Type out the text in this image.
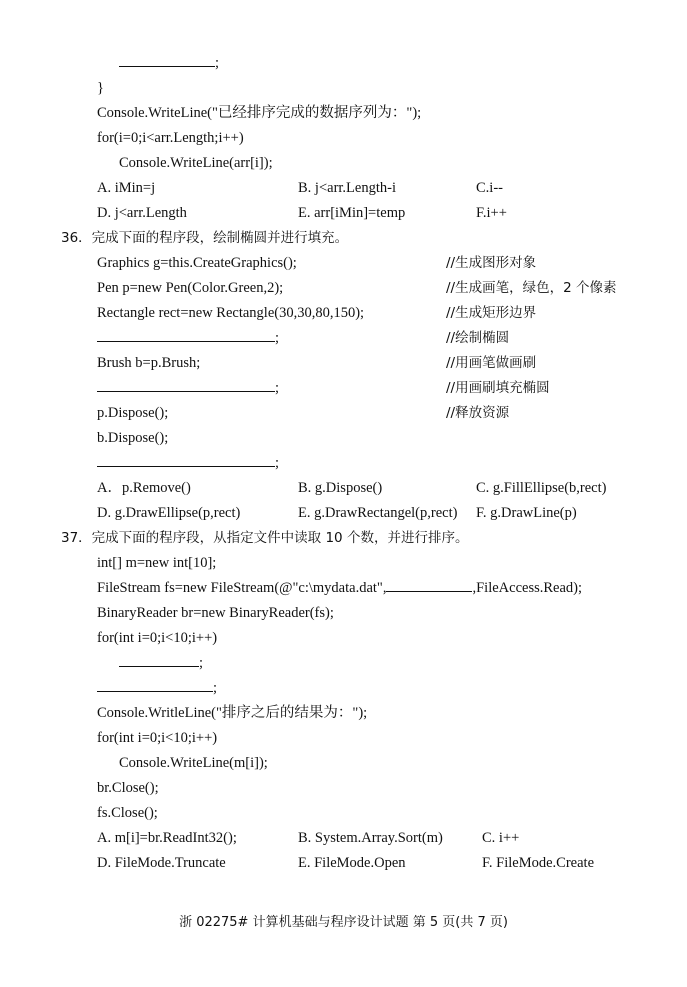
;
}
Console.WriteLine("已经排序完成的数据序列为：");
for(i=0;i<arr.Length;i++)
Console.WriteLine(arr[i]);
A. iMin=j	B. j<arr.Length-i	C.i--
D. j<arr.Length	E. arr[iMin]=temp	F.i++
36．完成下面的程序段，绘制椭圆并进行填充。
Graphics g=this.CreateGraphics();	//生成图形对象
Pen p=new Pen(Color.Green,2);	//生成画笔，绿色，2 个像素
Rectangle rect=new Rectangle(30,30,80,150);	//生成矩形边界
;	//绘制椭圆
Brush b=p.Brush;	//用画笔做画刷
;	//用画刷填充椭圆
p.Dispose();	//释放资源
b.Dispose();
;
A．p.Remove()	B. g.Dispose()	C. g.FillEllipse(b,rect)
D. g.DrawEllipse(p,rect)	E. g.DrawRectangel(p,rect) F. g.DrawLine(p)
37．完成下面的程序段，从指定文件中读取 10 个数，并进行排序。
int[] m=new int[10];
FileStream fs=new FileStream(@"c:\mydata.dat",	,FileAccess.Read);
BinaryReader br=new BinaryReader(fs);
for(int i=0;i<10;i++)
;
;
Console.WritleLine("排序之后的结果为：");
for(int i=0;i<10;i++)
Console.WriteLine(m[i]);
br.Close();
fs.Close();
A. m[i]=br.ReadInt32();	B. System.Array.Sort(m)	C. i++
D. FileMode.Truncate	E. FileMode.Open	F. FileMode.Create
浙 02275# 计算机基础与程序设计试题 第 5 页(共 7 页)
